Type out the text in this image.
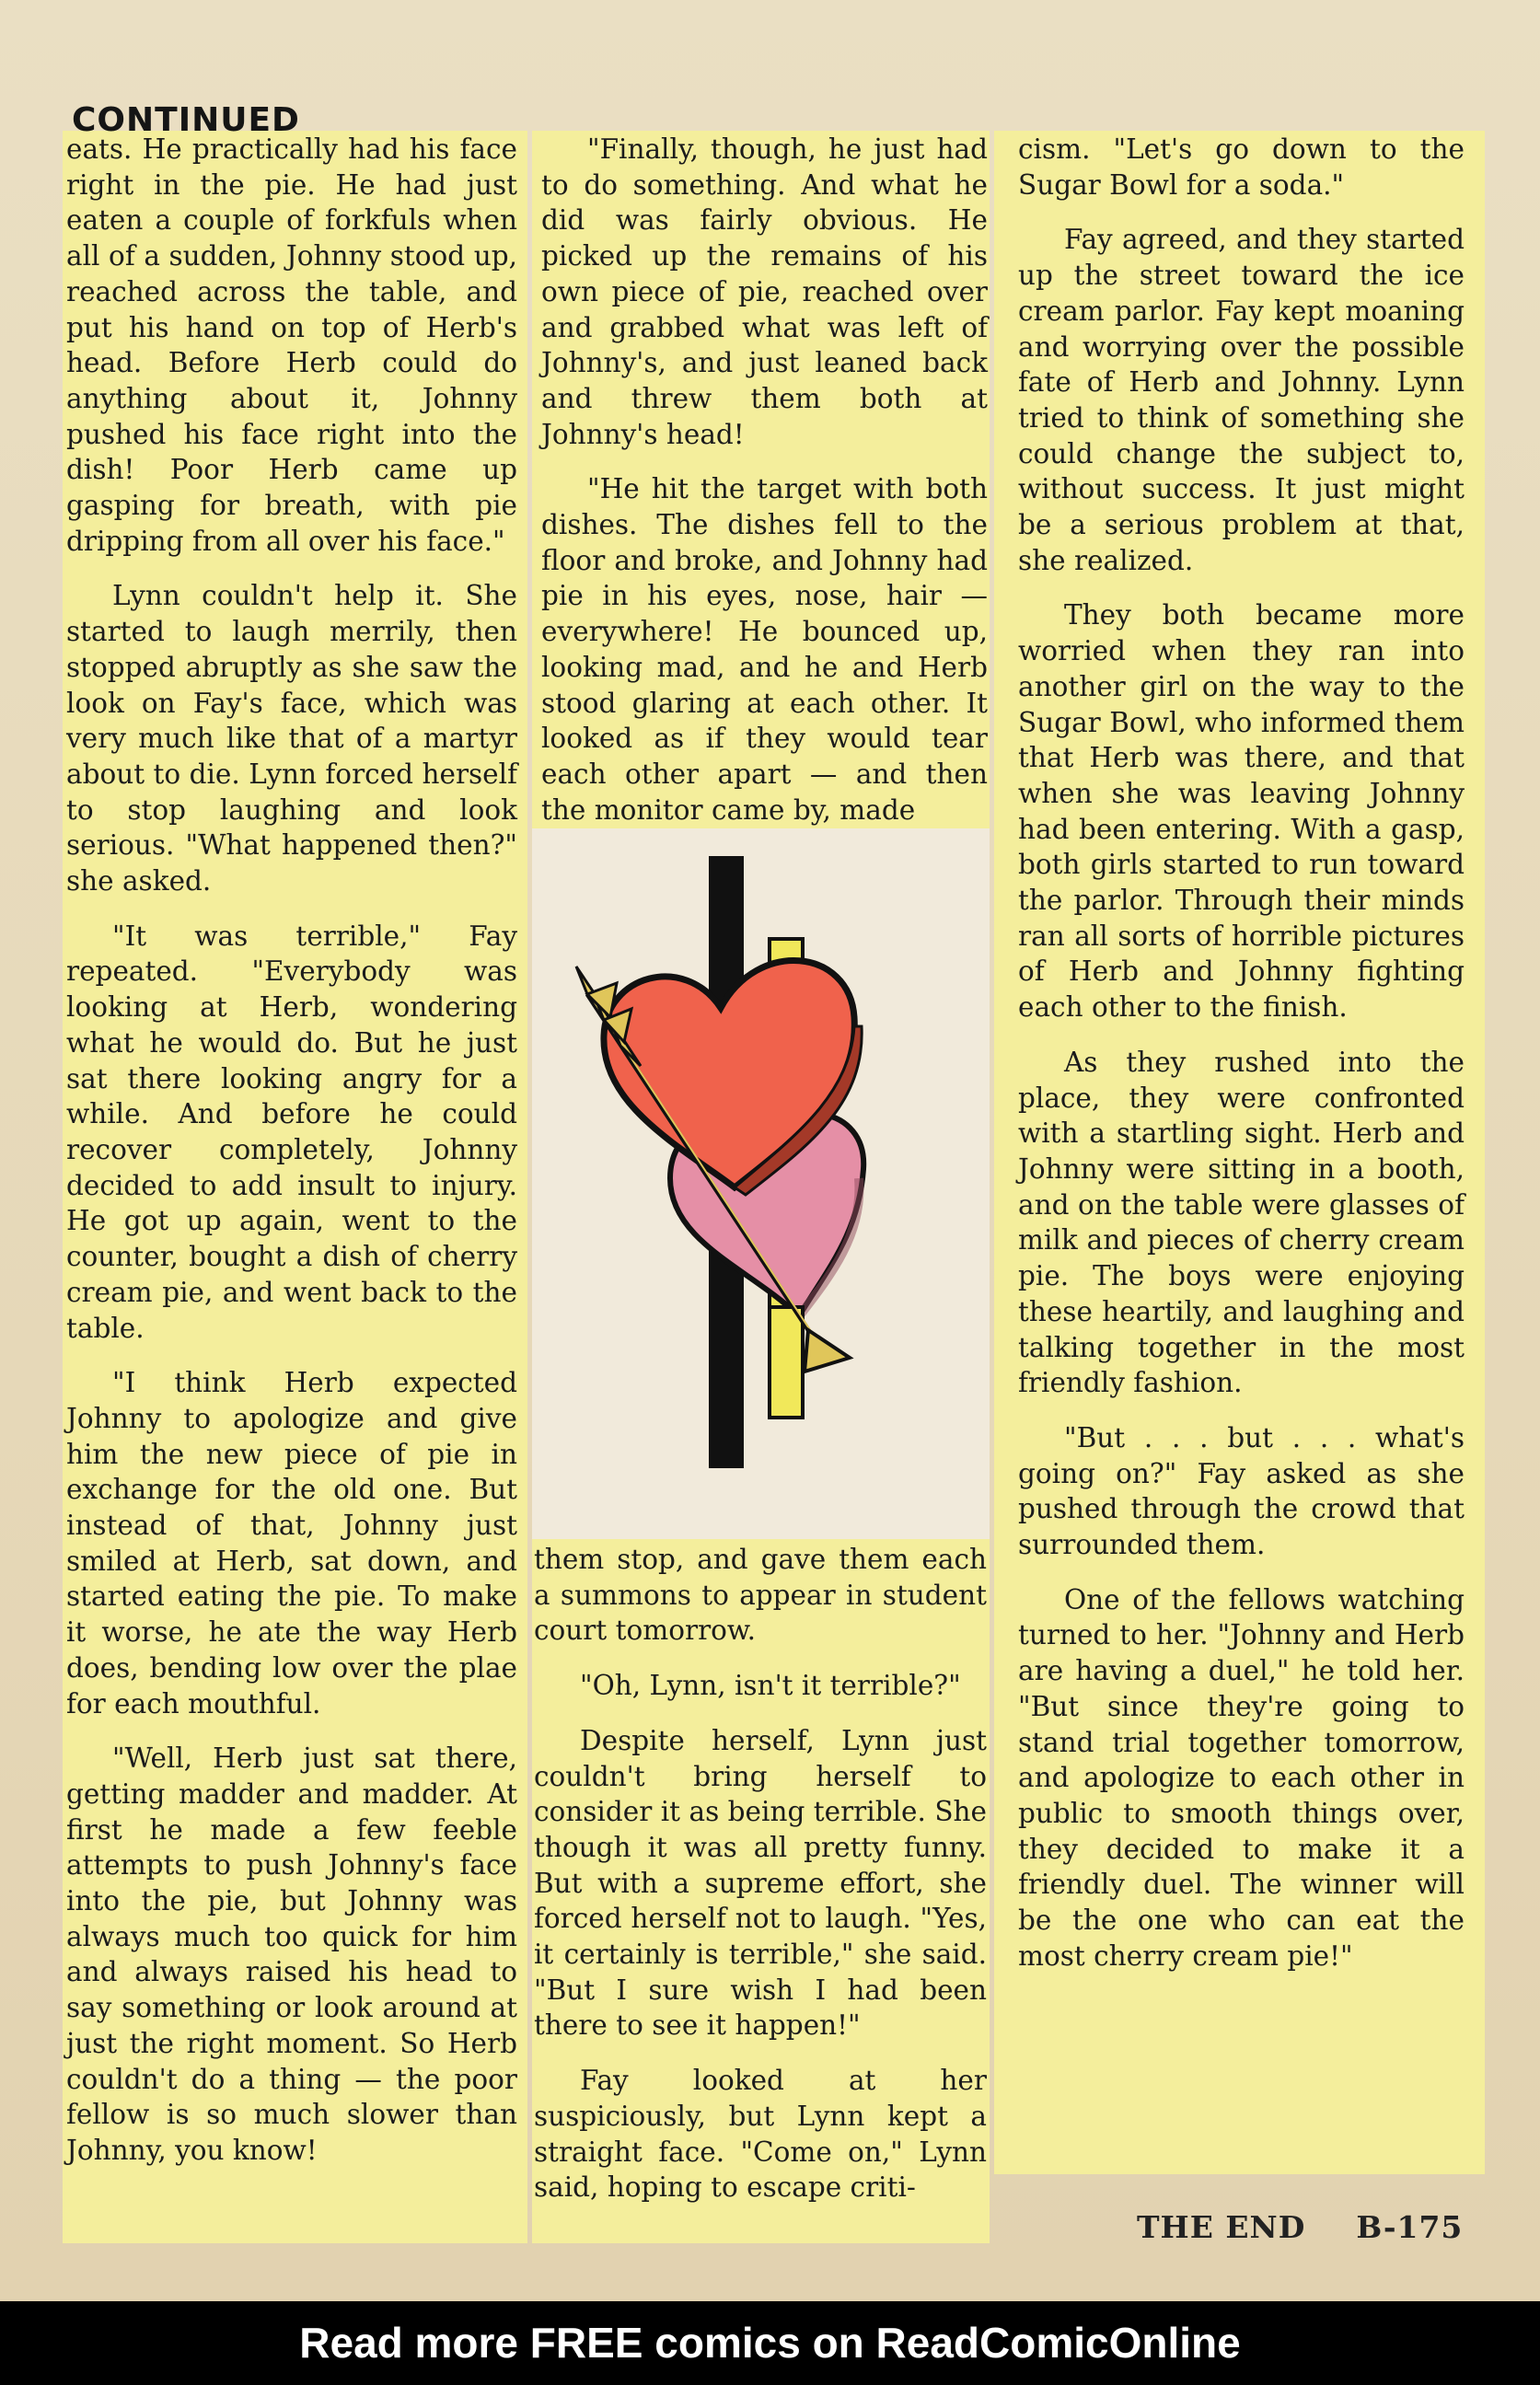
CONTINUED

eats. He practically had his face right in the pie. He had just eaten a couple of forkfuls when all of a sudden, Johnny stood up, reached across the table, and put his hand on top of Herb's head. Before Herb could do anything about it, Johnny pushed his face right into the dish! Poor Herb came up gasping for breath, with pie dripping from all over his face."

Lynn couldn't help it. She started to laugh merrily, then stopped abruptly as she saw the look on Fay's face, which was very much like that of a martyr about to die. Lynn forced herself to stop laughing and look serious. "What happened then?" she asked.

"It was terrible," Fay repeated. "Everybody was looking at Herb, wondering what he would do. But he just sat there looking angry for a while. And before he could recover completely, Johnny decided to add insult to injury. He got up again, went to the counter, bought a dish of cherry cream pie, and went back to the table.

"I think Herb expected Johnny to apologize and give him the new piece of pie in exchange for the old one. But instead of that, Johnny just smiled at Herb, sat down, and started eating the pie. To make it worse, he ate the way Herb does, bending low over the plae for each mouthful.

"Well, Herb just sat there, getting madder and madder. At first he made a few feeble attempts to push Johnny's face into the pie, but Johnny was always much too quick for him and always raised his head to say something or look around at just the right moment. So Herb couldn't do a thing — the poor fellow is so much slower than Johnny, you know!

"Finally, though, he just had to do something. And what he did was fairly obvious. He picked up the remains of his own piece of pie, reached over and grabbed what was left of Johnny's, and just leaned back and threw them both at Johnny's head!

"He hit the target with both dishes. The dishes fell to the floor and broke, and Johnny had pie in his eyes, nose, hair — everywhere! He bounced up, looking mad, and he and Herb stood glaring at each other. It looked as if they would tear each other apart — and then the monitor came by, made

them stop, and gave them each a summons to appear in student court tomorrow.

"Oh, Lynn, isn't it terrible?"

Despite herself, Lynn just couldn't bring herself to consider it as being terrible. She though it was all pretty funny. But with a supreme effort, she forced herself not to laugh. "Yes, it certainly is terrible," she said. "But I sure wish I had been there to see it happen!"

Fay looked at her suspiciously, but Lynn kept a straight face. "Come on," Lynn said, hoping to escape criti-

cism. "Let's go down to the Sugar Bowl for a soda."

Fay agreed, and they started up the street toward the ice cream parlor. Fay kept moaning and worrying over the possible fate of Herb and Johnny. Lynn tried to think of something she could change the subject to, without success. It just might be a serious problem at that, she realized.

They both became more worried when they ran into another girl on the way to the Sugar Bowl, who informed them that Herb was there, and that when she was leaving Johnny had been entering. With a gasp, both girls started to run toward the parlor. Through their minds ran all sorts of horrible pictures of Herb and Johnny fighting each other to the finish.

As they rushed into the place, they were confronted with a startling sight. Herb and Johnny were sitting in a booth, and on the table were glasses of milk and pieces of cherry cream pie. The boys were enjoying these heartily, and laughing and talking together in the most friendly fashion.

"But . . . but . . . what's going on?" Fay asked as she pushed through the crowd that surrounded them.

One of the fellows watching turned to her. "Johnny and Herb are having a duel," he told her. "But since they're going to stand trial together tomorrow, and apologize to each other in public to smooth things over, they decided to make it a friendly duel. The winner will be the one who can eat the most cherry cream pie!"

THE END B-175
Read more FREE comics on ReadComicOnline
